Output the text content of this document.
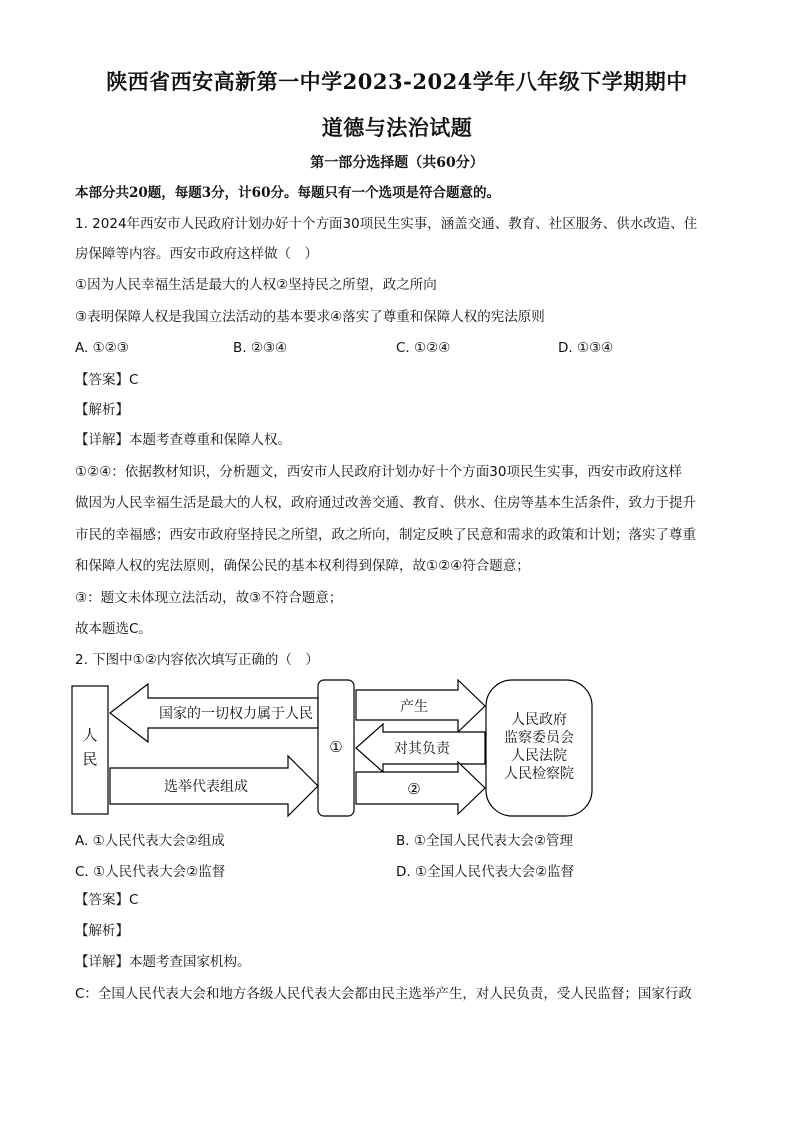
陕西省西安高新第一中学2023-2024学年八年级下学期期中
道德与法治试题
第一部分选择题（共60分）
本部分共20题，每题3分，计60分。每题只有一个选项是符合题意的。
1. 2024年西安市人民政府计划办好十个方面30项民生实事，涵盖交通、教育、社区服务、供水改造、住
房保障等内容。西安市政府这样做（　）
①因为人民幸福生活是最大的人权②坚持民之所望，政之所向
③表明保障人权是我国立法活动的基本要求④落实了尊重和保障人权的宪法原则
A. ①②③	B. ②③④	C. ①②④	D. ①③④
【答案】C
【解析】
【详解】本题考查尊重和保障人权。
①②④：依据教材知识，分析题文，西安市人民政府计划办好十个方面30项民生实事，西安市政府这样
做因为人民幸福生活是最大的人权，政府通过改善交通、教育、供水、住房等基本生活条件，致力于提升
市民的幸福感；西安市政府坚持民之所望，政之所向，制定反映了民意和需求的政策和计划；落实了尊重
和保障人权的宪法原则，确保公民的基本权利得到保障，故①②④符合题意；
③：题文未体现立法活动，故③不符合题意；
故本题选C。
2. 下图中①②内容依次填写正确的（　）
人
民
国家的一切权力属于人民
选举代表组成
①
产生
对其负责
②
人民政府
监察委员会
人民法院
人民检察院
A. ①人民代表大会②组成	B. ①全国人民代表大会②管理
C. ①人民代表大会②监督	D. ①全国人民代表大会②监督
【答案】C
【解析】
【详解】本题考查国家机构。
C：全国人民代表大会和地方各级人民代表大会都由民主选举产生，对人民负责，受人民监督；国家行政
